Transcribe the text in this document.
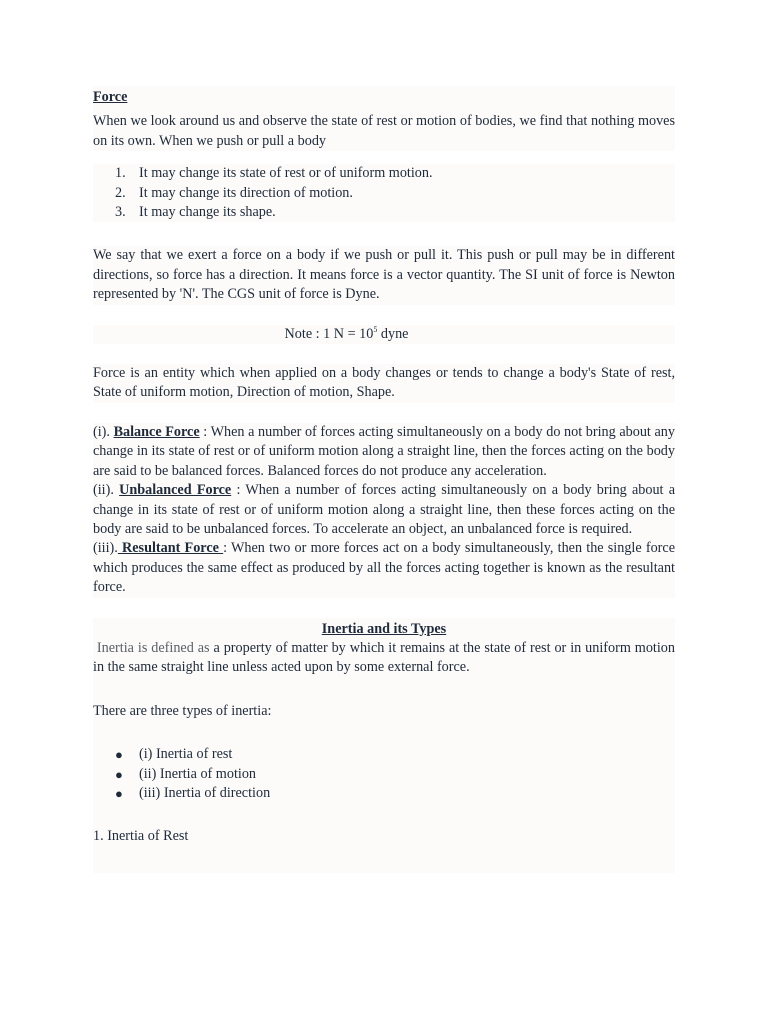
Force

When we look around us and observe the state of rest or motion of bodies, we find that nothing moves on its own. When we push or pull a body

1. It may change its state of rest or of uniform motion.
2. It may change its direction of motion.
3. It may change its shape.

We say that we exert a force on a body if we push or pull it. This push or pull may be in different directions, so force has a direction. It means force is a vector quantity. The SI unit of force is Newton represented by 'N'. The CGS unit of force is Dyne.

Note : 1 $N = 10^5$ dyne

Force is an entity which when applied on a body changes or tends to change a body's State of rest, State of uniform motion, Direction of motion, Shape.

(i). Balance Force : When a number of forces acting simultaneously on a body do not bring about any change in its state of rest or of uniform motion along a straight line, then the forces acting on the body are said to be balanced forces. Balanced forces do not produce any acceleration.

(ii). Unbalanced Force : When a number of forces acting simultaneously on a body bring about a change in its state of rest or of uniform motion along a straight line, then these forces acting on the body are said to be unbalanced forces. To accelerate an object, an unbalanced force is required.

(iii). Resultant Force : When two or more forces act on a body simultaneously, then the single force which produces the same effect as produced by all the forces acting together is known as the resultant force.

Inertia and its Types

Inertia is defined as a property of matter by which it remains at the state of rest or in uniform motion in the same straight line unless acted upon by some external force.

There are three types of inertia:

● (i) Inertia of rest
● (ii) Inertia of motion
● (iii) Inertia of direction

1. Inertia of Rest
